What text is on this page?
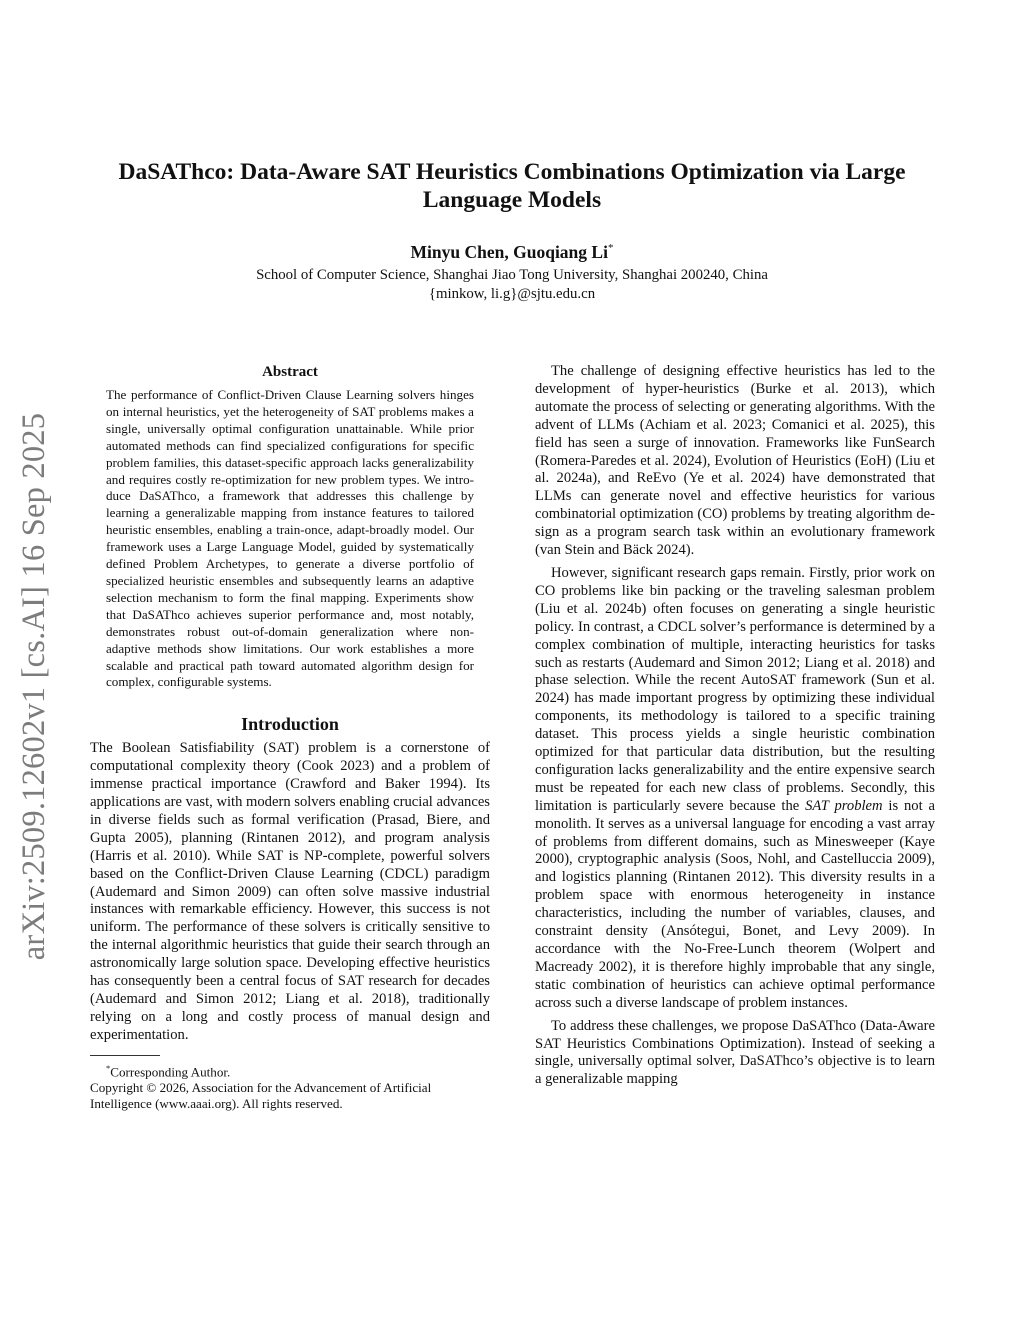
arXiv:2509.12602v1 [cs.AI] 16 Sep 2025
DaSAThco: Data-Aware SAT Heuristics Combinations Optimization via Large
Language Models
Minyu Chen, Guoqiang Li*
School of Computer Science, Shanghai Jiao Tong University, Shanghai 200240, China
{minkow, li.g}@sjtu.edu.cn
Abstract

The performance of Conflict-Driven Clause Learning solvers hinges on internal heuristics, yet the heterogeneity of SAT problems makes a single, universally optimal configuration unattainable. While prior automated methods can find specialized configurations for specific problem families, this dataset-specific approach lacks generalizability and requires costly re-optimization for new problem types. We introduce DaSAThco, a framework that addresses this challenge by learning a generalizable mapping from instance features to tailored heuristic ensembles, enabling a train-once, adapt-broadly model. Our framework uses a Large Language Model, guided by systematically defined Problem Archetypes, to generate a diverse portfolio of specialized heuristic ensembles and subsequently learns an adaptive selection mechanism to form the final mapping. Experiments show that DaSAThco achieves superior performance and, most notably, demonstrates robust out-of-domain generalization where non-adaptive methods show limitations. Our work establishes a more scalable and practical path toward automated algorithm design for complex, configurable systems.

Introduction

The Boolean Satisfiability (SAT) problem is a cornerstone of computational complexity theory (Cook 2023) and a problem of immense practical importance (Crawford and Baker 1994). Its applications are vast, with modern solvers enabling crucial advances in diverse fields such as formal verification (Prasad, Biere, and Gupta 2005), planning (Rintanen 2012), and program analysis (Harris et al. 2010). While SAT is NP-complete, powerful solvers based on the Conflict-Driven Clause Learning (CDCL) paradigm (Audemard and Simon 2009) can often solve massive industrial instances with remarkable efficiency. However, this success is not uniform. The performance of these solvers is critically sensitive to the internal algorithmic heuristics that guide their search through an astronomically large solution space. Developing effective heuristics has consequently been a central focus of SAT research for decades (Audemard and Simon 2012; Liang et al. 2018), traditionally relying on a long and costly process of manual design and experimentation.

*Corresponding Author.

Copyright © 2026, Association for the Advancement of Artificial Intelligence (www.aaai.org). All rights reserved.

The challenge of designing effective heuristics has led to the development of hyper-heuristics (Burke et al. 2013), which automate the process of selecting or generating algorithms. With the advent of LLMs (Achiam et al. 2023; Comanici et al. 2025), this field has seen a surge of innovation. Frameworks like FunSearch (Romera-Paredes et al. 2024), Evolution of Heuristics (EoH) (Liu et al. 2024a), and ReEvo (Ye et al. 2024) have demonstrated that LLMs can generate novel and effective heuristics for various combinatorial optimization (CO) problems by treating algorithm design as a program search task within an evolutionary framework (van Stein and Bäck 2024).

However, significant research gaps remain. Firstly, prior work on CO problems like bin packing or the traveling salesman problem (Liu et al. 2024b) often focuses on generating a single heuristic policy. In contrast, a CDCL solver’s performance is determined by a complex combination of multiple, interacting heuristics for tasks such as restarts (Audemard and Simon 2012; Liang et al. 2018) and phase selection. While the recent AutoSAT framework (Sun et al. 2024) has made important progress by optimizing these individual components, its methodology is tailored to a specific training dataset. This process yields a single heuristic combination optimized for that particular data distribution, but the resulting configuration lacks generalizability and the entire expensive search must be repeated for each new class of problems. Secondly, this limitation is particularly severe because the SAT problem is not a monolith. It serves as a universal language for encoding a vast array of problems from different domains, such as Minesweeper (Kaye 2000), cryptographic analysis (Soos, Nohl, and Castelluccia 2009), and logistics planning (Rintanen 2012). This diversity results in a problem space with enormous heterogeneity in instance characteristics, including the number of variables, clauses, and constraint density (Ansótegui, Bonet, and Levy 2009). In accordance with the No-Free-Lunch theorem (Wolpert and Macready 2002), it is therefore highly improbable that any single, static combination of heuristics can achieve optimal performance across such a diverse landscape of problem instances.

To address these challenges, we propose DaSAThco (Data-Aware SAT Heuristics Combinations Optimization). Instead of seeking a single, universally optimal solver, DaSAThco’s objective is to learn a generalizable mapping
